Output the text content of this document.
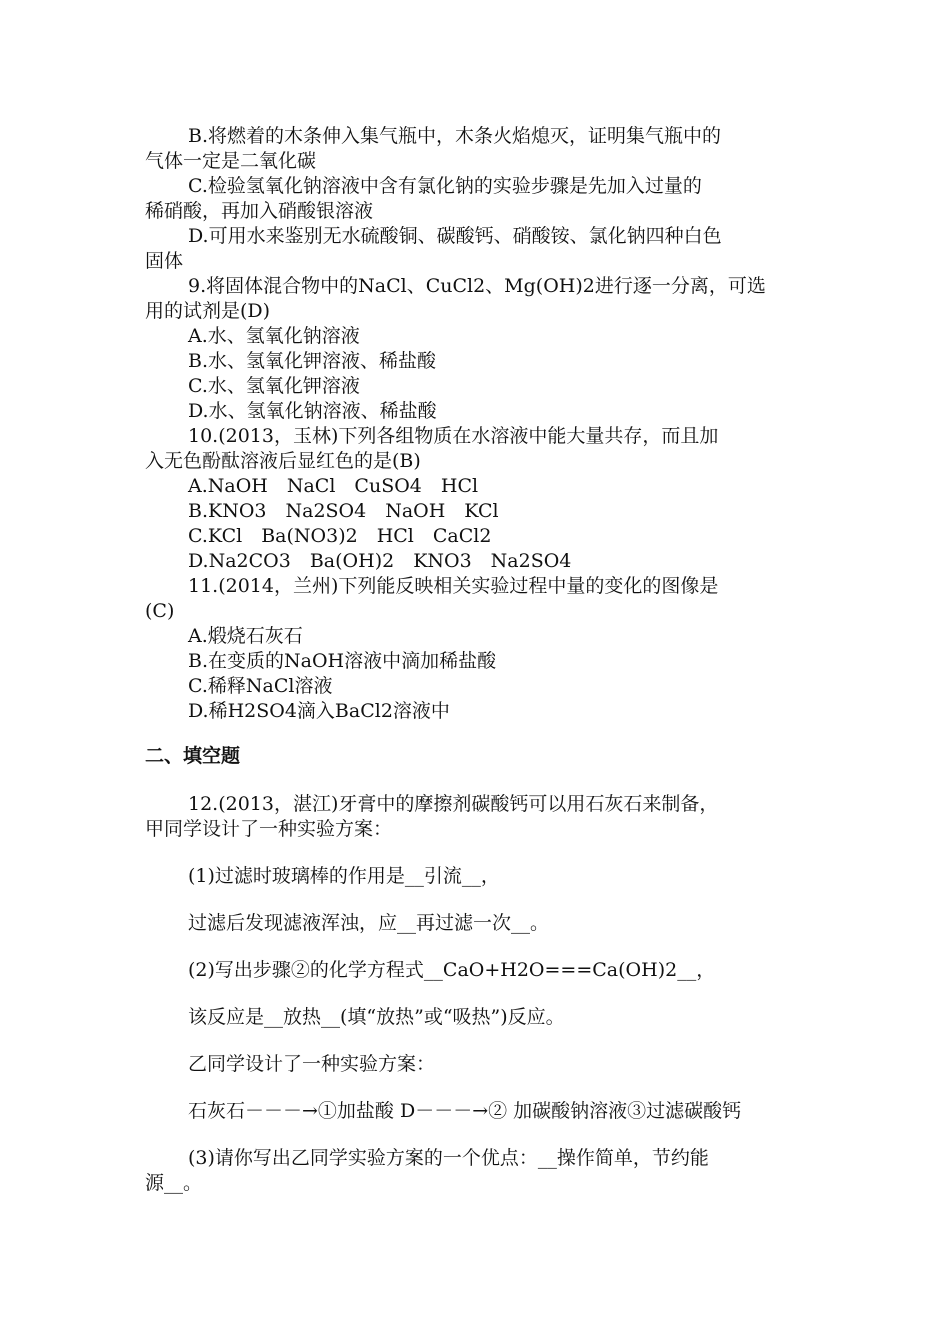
B.将燃着的木条伸入集气瓶中，木条火焰熄灭，证明集气瓶中的
气体一定是二氧化碳
C.检验氢氧化钠溶液中含有氯化钠的实验步骤是先加入过量的
稀硝酸，再加入硝酸银溶液
D.可用水来鉴别无水硫酸铜、碳酸钙、硝酸铵、氯化钠四种白色
固体
9.将固体混合物中的NaCl、CuCl2、Mg(OH)2进行逐一分离，可选
用的试剂是(D)
A.水、氢氧化钠溶液
B.水、氢氧化钾溶液、稀盐酸
C.水、氢氧化钾溶液
D.水、氢氧化钠溶液、稀盐酸
10.(2013，玉林)下列各组物质在水溶液中能大量共存，而且加
入无色酚酞溶液后显红色的是(B)
A.NaOH　NaCl　CuSO4　HCl
B.KNO3　Na2SO4　NaOH　KCl
C.KCl　Ba(NO3)2　HCl　CaCl2
D.Na2CO3　Ba(OH)2　KNO3　Na2SO4
11.(2014，兰州)下列能反映相关实验过程中量的变化的图像是
(C)
A.煅烧石灰石
B.在变质的NaOH溶液中滴加稀盐酸
C.稀释NaCl溶液
D.稀H2SO4滴入BaCl2溶液中
二、填空题
12.(2013，湛江)牙膏中的摩擦剂碳酸钙可以用石灰石来制备，
甲同学设计了一种实验方案：
(1)过滤时玻璃棒的作用是__引流__，
过滤后发现滤液浑浊，应__再过滤一次__。
(2)写出步骤②的化学方程式__CaO+H2O===Ca(OH)2__，
该反应是__放热__(填“放热”或“吸热”)反应。
乙同学设计了一种实验方案：
石灰石－－－→①加盐酸 D－－－→② 加碳酸钠溶液③过滤碳酸钙
(3)请你写出乙同学实验方案的一个优点：__操作简单，节约能
源__。
